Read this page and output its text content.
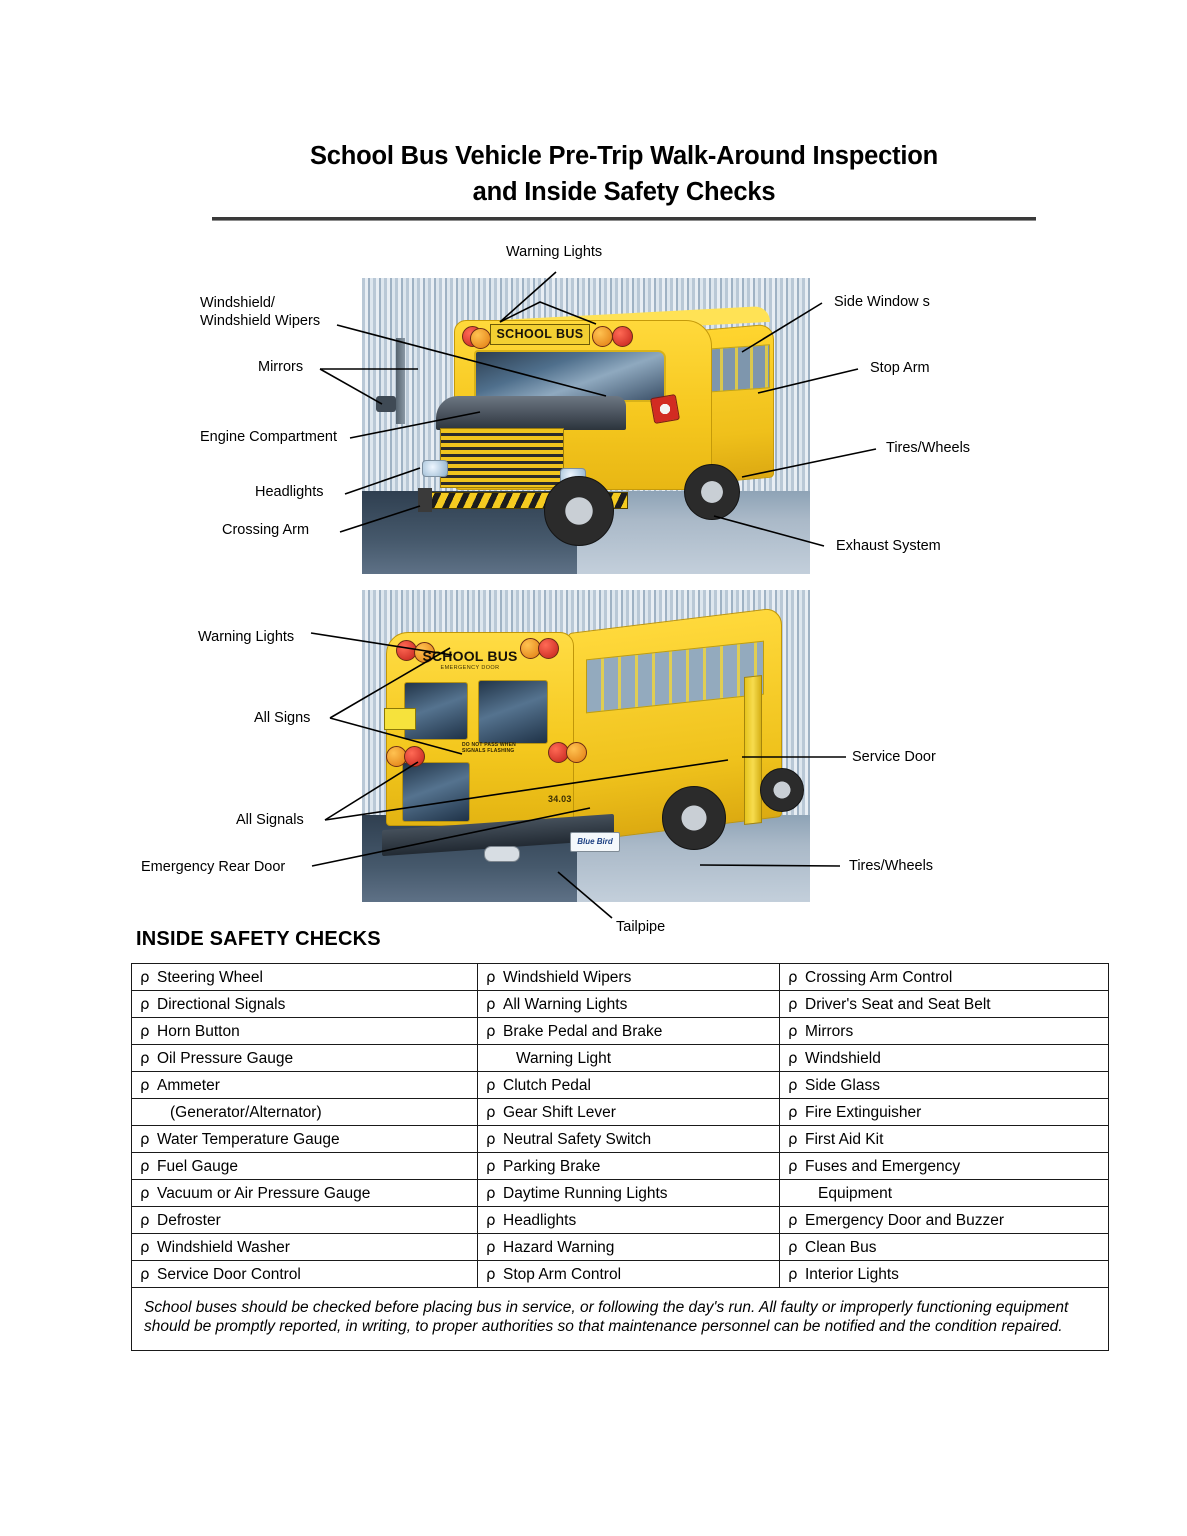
School Bus Vehicle Pre-Trip Walk-Around Inspection
and Inside Safety Checks
SCHOOL BUS
SCHOOL BUS
EMERGENCY DOOR
DO NOT PASS WHEN
SIGNALS FLASHING
34.03
Blue Bird
Warning Lights
Windshield/
Windshield Wipers
Mirrors
Engine Compartment
Headlights
Crossing Arm
Side Window s
Stop Arm
Tires/Wheels
Exhaust System
Warning Lights
All Signs
All Signals
Emergency Rear Door
Service Door
Tires/Wheels
Tailpipe
INSIDE SAFETY CHECKS
ρ Steering Wheel	ρ Windshield Wipers	ρ Crossing Arm Control
ρ Directional Signals	ρ All Warning Lights	ρ Driver's Seat and Seat Belt
ρ Horn Button	ρ Brake Pedal and Brake	ρ Mirrors
ρ Oil Pressure Gauge	Warning Light	ρ Windshield
ρ Ammeter	ρ Clutch Pedal	ρ Side Glass
(Generator/Alternator)	ρ Gear Shift Lever	ρ Fire Extinguisher
ρ Water Temperature Gauge	ρ Neutral Safety Switch	ρ First Aid Kit
ρ Fuel Gauge	ρ Parking Brake	ρ Fuses and Emergency
ρ Vacuum or Air Pressure Gauge	ρ Daytime Running Lights	Equipment
ρ Defroster	ρ Headlights	ρ Emergency Door and Buzzer
ρ Windshield Washer	ρ Hazard Warning	ρ Clean Bus
ρ Service Door Control	ρ Stop Arm Control	ρ Interior Lights
School buses should be checked before placing bus in service, or following the day's run. All faulty or improperly functioning equipment should be promptly reported, in writing, to proper authorities so that maintenance personnel can be notified and the condition repaired.		
